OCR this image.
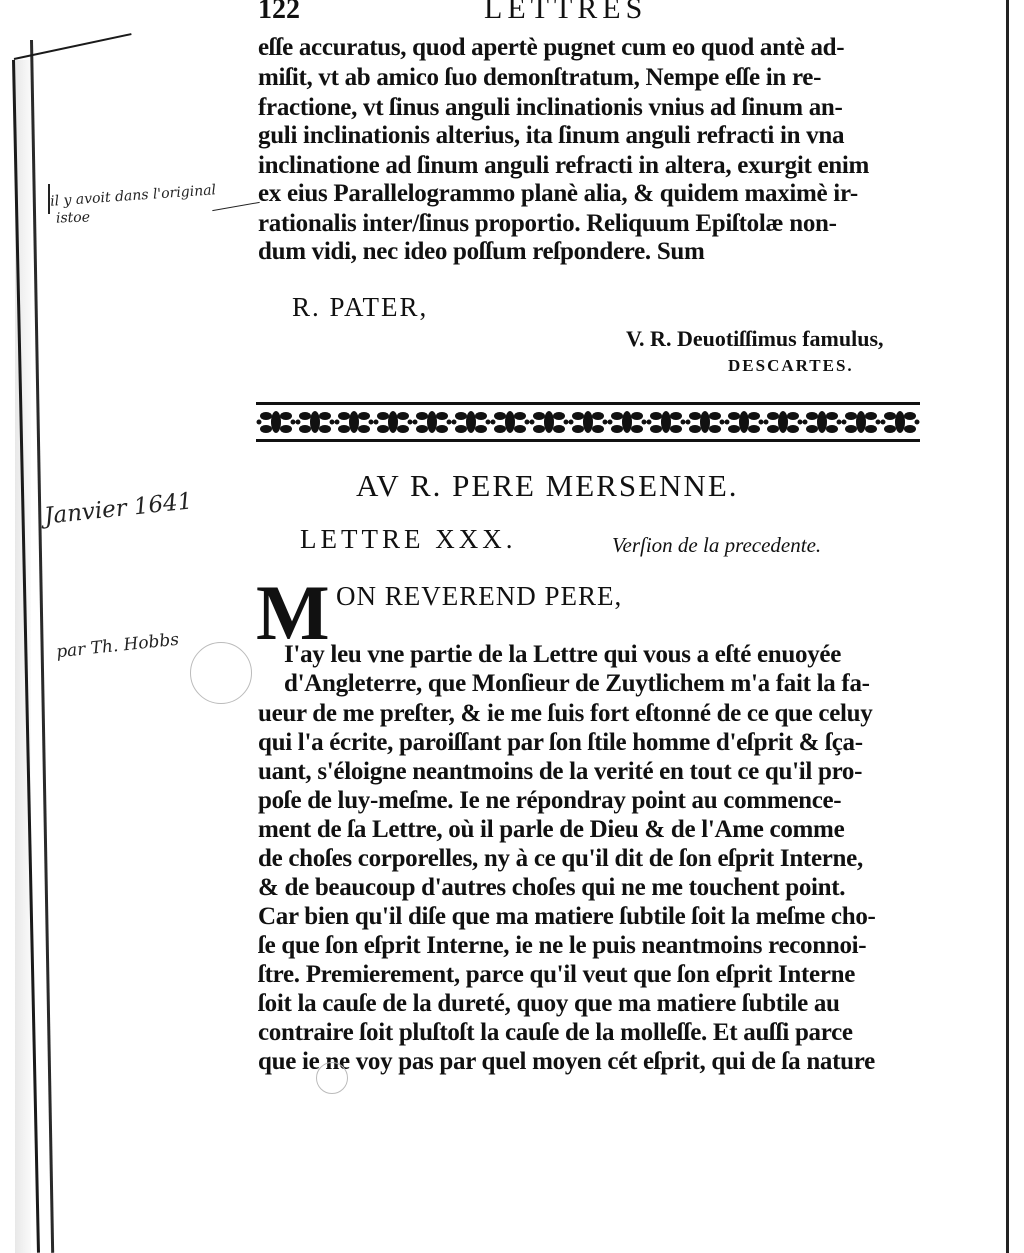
122	LETTRES
eſſe accuratus, quod apertè pugnet cum eo quod antè ad-
miſit, vt ab amico ſuo demonſtratum, Nempe eſſe in re-
fractione, vt ſinus anguli inclinationis vnius ad ſinum an-
guli inclinationis alterius, ita ſinum anguli refracti in vna
inclinatione ad ſinum anguli refracti in altera, exurgit enim
ex eius Parallelogrammo planè alia, & quidem maximè ir-
rationalis inter/ſinus proportio. Reliquum Epiſtolæ non-
dum vidi, nec ideo poſſum reſpondere. Sum
R. PATER,
V. R. Deuotiſſimus famulus,
DESCARTES.
AV R. PERE MERSENNE.
LETTRE XXX.	Verſion de la precedente.
M ON REVEREND PERE,
I'ay leu vne partie de la Lettre qui vous a eſté enuoyée
d'Angleterre, que Monſieur de Zuytlichem m'a fait la fa-
ueur de me preſter, & ie me ſuis fort eſtonné de ce que celuy
qui l'a écrite, paroiſſant par ſon ſtile homme d'eſprit & ſça-
uant, s'éloigne neantmoins de la verité en tout ce qu'il pro-
poſe de luy-meſme. Ie ne répondray point au commence-
ment de ſa Lettre, où il parle de Dieu & de l'Ame comme
de choſes corporelles, ny à ce qu'il dit de ſon eſprit Interne,
& de beaucoup d'autres choſes qui ne me touchent point.
Car bien qu'il diſe que ma matiere ſubtile ſoit la meſme cho-
ſe que ſon eſprit Interne, ie ne le puis neantmoins reconnoi-
ſtre. Premierement, parce qu'il veut que ſon eſprit Interne
ſoit la cauſe de la dureté, quoy que ma matiere ſubtile au
contraire ſoit pluſtoſt la cauſe de la molleſſe. Et auſſi parce
que ie ne voy pas par quel moyen cét eſprit, qui de ſa nature
il y avoit dans l'original
istoe
Janvier 1641
par Th. Hobbs
